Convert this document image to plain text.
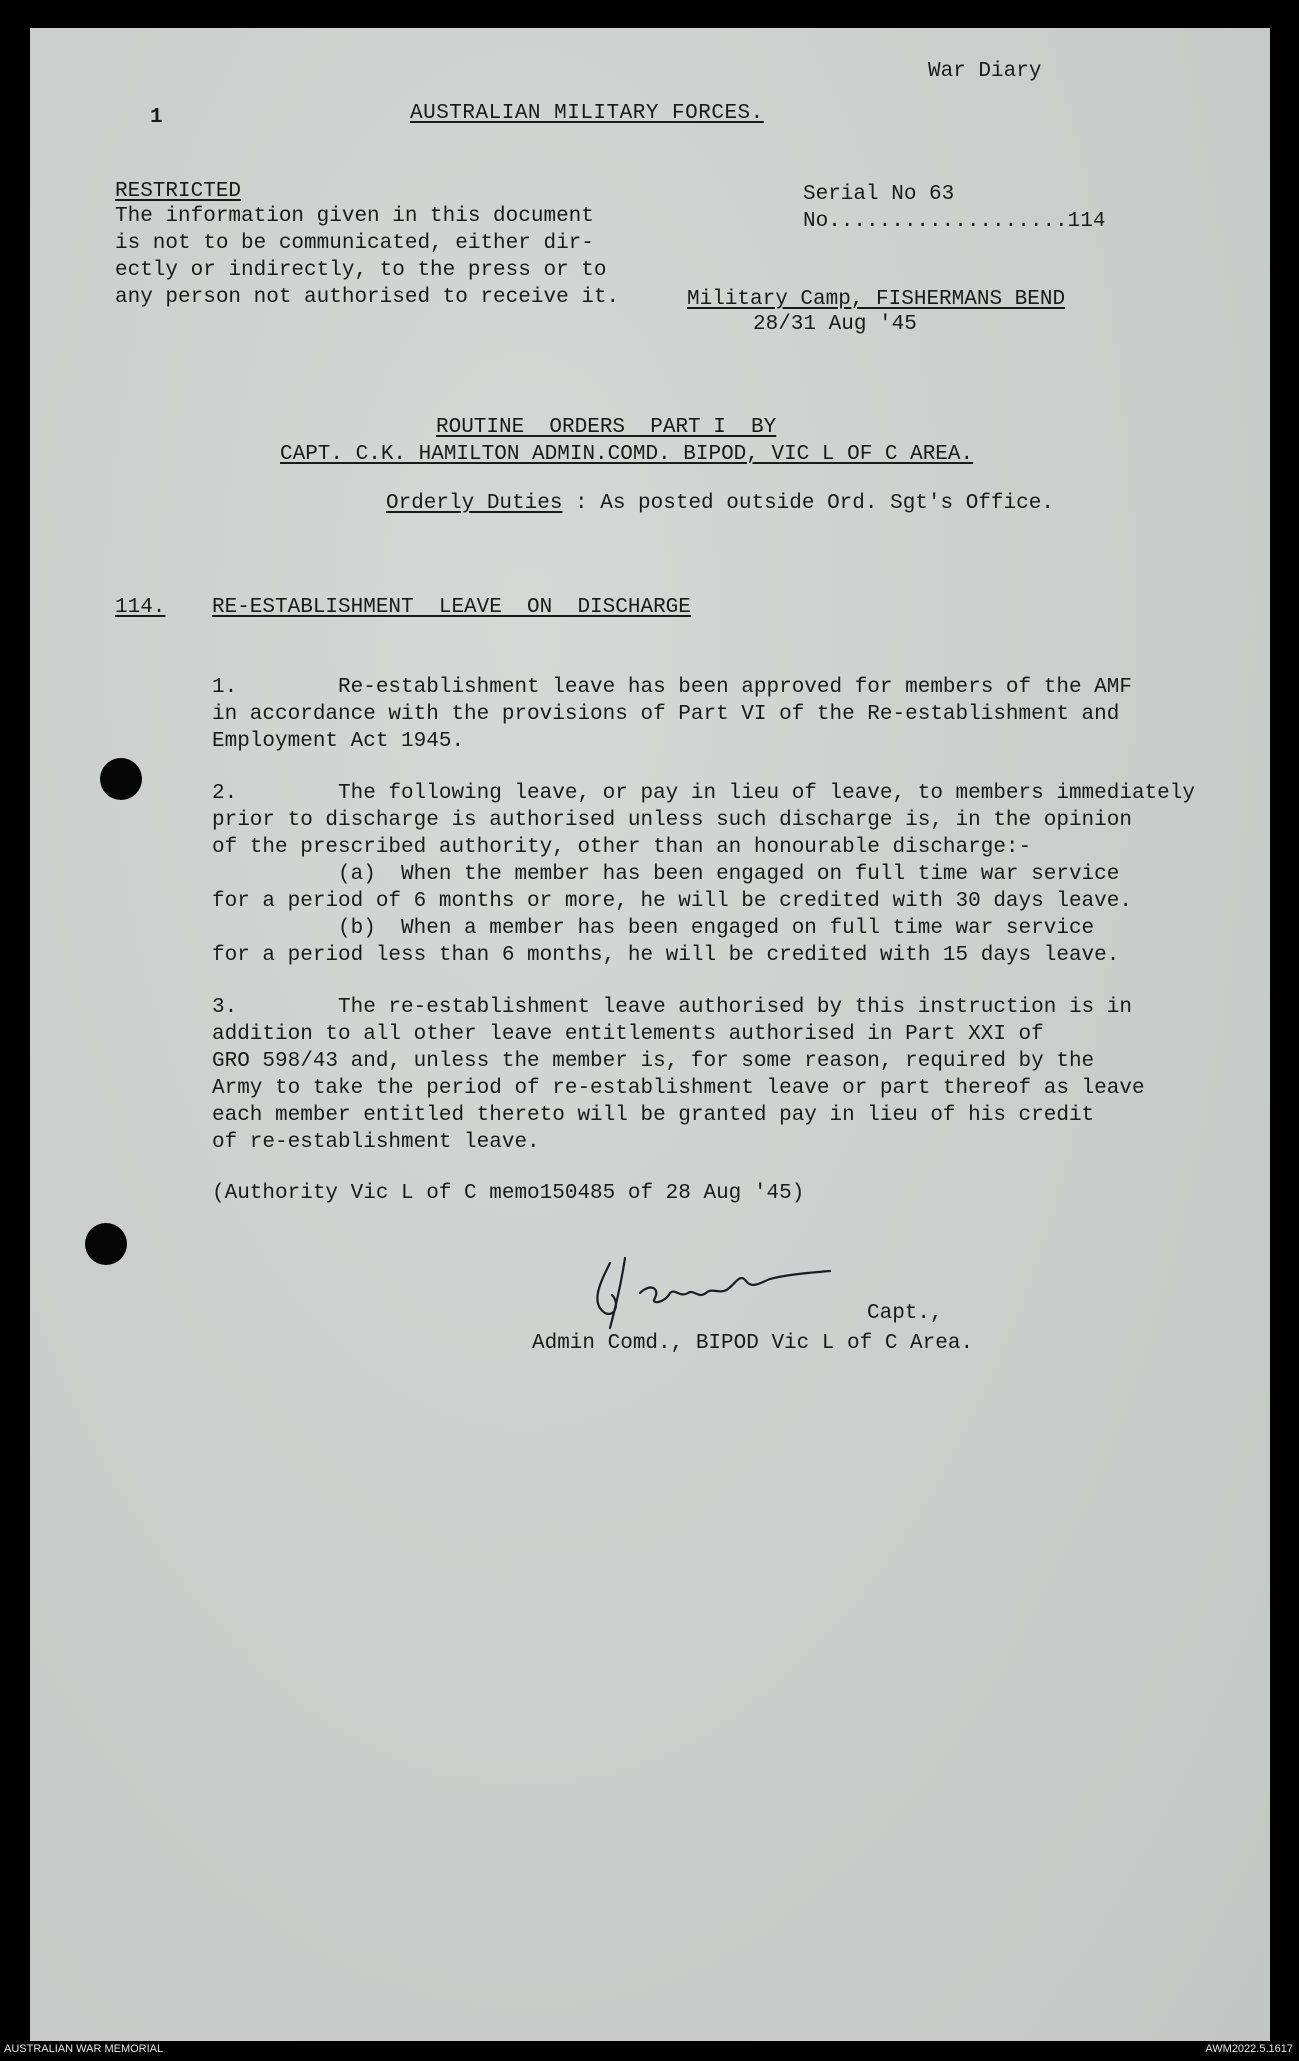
War Diary
1	AUSTRALIAN MILITARY FORCES.
RESTRICTED
The information given in this document
is not to be communicated, either dir-
ectly or indirectly, to the press or to
any person not authorised to receive it.
Serial No 63
No...................114
Military Camp, FISHERMANS BEND
28/31 Aug '45
ROUTINE  ORDERS  PART I  BY
CAPT. C.K. HAMILTON ADMIN.COMD. BIPOD, VIC L OF C AREA.
Orderly Duties : As posted outside Ord. Sgt's Office.
114. RE-ESTABLISHMENT  LEAVE  ON  DISCHARGE
1.        Re-establishment leave has been approved for members of the AMF
in accordance with the provisions of Part VI of the Re-establishment and
Employment Act 1945.
2.        The following leave, or pay in lieu of leave, to members immediately
prior to discharge is authorised unless such discharge is, in the opinion
of the prescribed authority, other than an honourable discharge:-
(a)  When the member has been engaged on full time war service
for a period of 6 months or more, he will be credited with 30 days leave.
(b)  When a member has been engaged on full time war service
for a period less than 6 months, he will be credited with 15 days leave.
3.        The re-establishment leave authorised by this instruction is in
addition to all other leave entitlements authorised in Part XXI of
GRO 598/43 and, unless the member is, for some reason, required by the
Army to take the period of re-establishment leave or part thereof as leave
each member entitled thereto will be granted pay in lieu of his credit
of re-establishment leave.
(Authority Vic L of C memo150485 of 28 Aug '45)
Capt.,
Admin Comd., BIPOD Vic L of C Area.
AUSTRALIAN WAR MEMORIAL	AWM2022.5.1617
